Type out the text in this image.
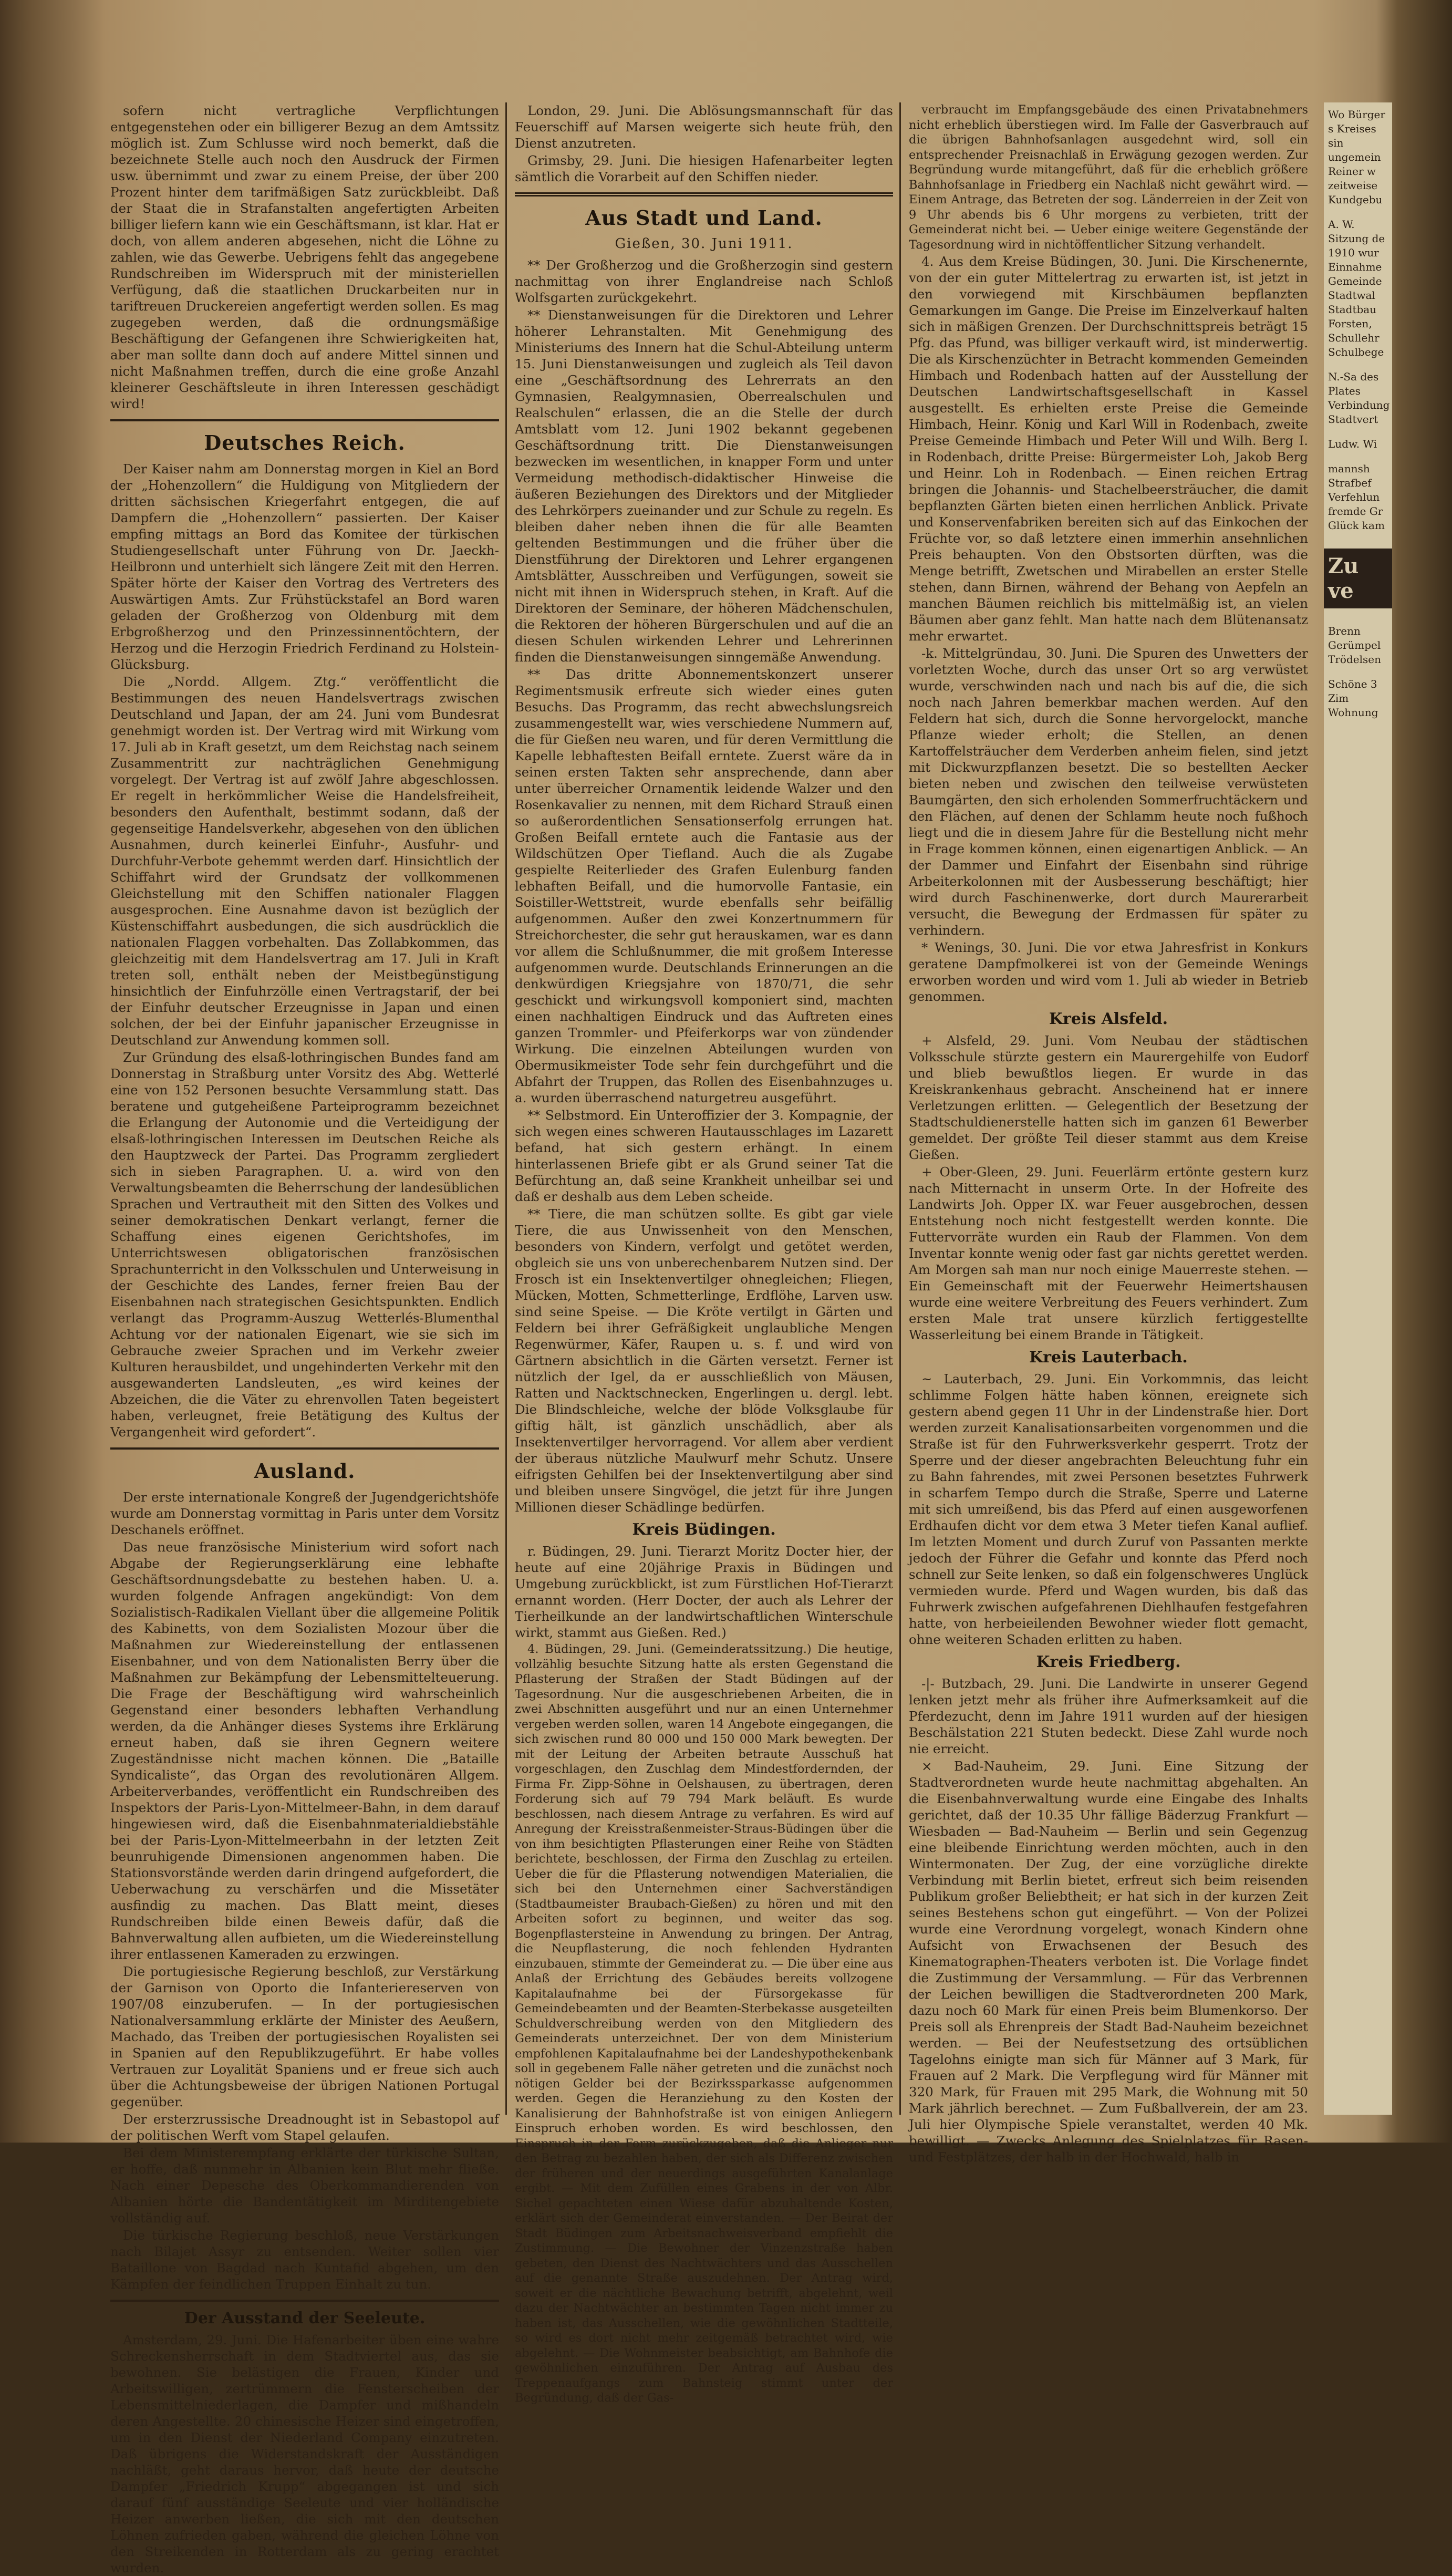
sofern nicht vertragliche Verpflichtungen entgegenstehen oder ein billigerer Bezug an dem Amtssitz möglich ist. Zum Schlusse wird noch bemerkt, daß die bezeichnete Stelle auch noch den Ausdruck der Firmen usw. übernimmt und zwar zu einem Preise, der über 200 Prozent hinter dem tarifmäßigen Satz zurückbleibt. Daß der Staat die in Strafanstalten angefertigten Arbeiten billiger liefern kann wie ein Geschäftsmann, ist klar. Hat er doch, von allem anderen abgesehen, nicht die Löhne zu zahlen, wie das Gewerbe. Uebrigens fehlt das angegebene Rundschreiben im Widerspruch mit der ministeriellen Verfügung, daß die staatlichen Druckarbeiten nur in tariftreuen Druckereien angefertigt werden sollen. Es mag zugegeben werden, daß die ordnungsmäßige Beschäftigung der Gefangenen ihre Schwierigkeiten hat, aber man sollte dann doch auf andere Mittel sinnen und nicht Maßnahmen treffen, durch die eine große Anzahl kleinerer Geschäftsleute in ihren Interessen geschädigt wird!

Deutsches Reich.

Der Kaiser nahm am Donnerstag morgen in Kiel an Bord der „Hohenzollern“ die Huldigung von Mitgliedern der dritten sächsischen Kriegerfahrt entgegen, die auf Dampfern die „Hohenzollern“ passierten. Der Kaiser empfing mittags an Bord das Komitee der türkischen Studiengesellschaft unter Führung von Dr. Jaeckh-Heilbronn und unterhielt sich längere Zeit mit den Herren. Später hörte der Kaiser den Vortrag des Vertreters des Auswärtigen Amts. Zur Frühstückstafel an Bord waren geladen der Großherzog von Oldenburg mit dem Erbgroßherzog und den Prinzessinnentöchtern, der Herzog und die Herzogin Friedrich Ferdinand zu Holstein-Glücksburg.

Die „Nordd. Allgem. Ztg.“ veröffentlicht die Bestimmungen des neuen Handelsvertrags zwischen Deutschland und Japan, der am 24. Juni vom Bundesrat genehmigt worden ist. Der Vertrag wird mit Wirkung vom 17. Juli ab in Kraft gesetzt, um dem Reichstag nach seinem Zusammentritt zur nachträglichen Genehmigung vorgelegt. Der Vertrag ist auf zwölf Jahre abgeschlossen. Er regelt in herkömmlicher Weise die Handelsfreiheit, besonders den Aufenthalt, bestimmt sodann, daß der gegenseitige Handelsverkehr, abgesehen von den üblichen Ausnahmen, durch keinerlei Einfuhr-, Ausfuhr- und Durchfuhr-Verbote gehemmt werden darf. Hinsichtlich der Schiffahrt wird der Grundsatz der vollkommenen Gleichstellung mit den Schiffen nationaler Flaggen ausgesprochen. Eine Ausnahme davon ist bezüglich der Küstenschiffahrt ausbedungen, die sich ausdrücklich die nationalen Flaggen vorbehalten. Das Zollabkommen, das gleichzeitig mit dem Handelsvertrag am 17. Juli in Kraft treten soll, enthält neben der Meistbegünstigung hinsichtlich der Einfuhrzölle einen Vertragstarif, der bei der Einfuhr deutscher Erzeugnisse in Japan und einen solchen, der bei der Einfuhr japanischer Erzeugnisse in Deutschland zur Anwendung kommen soll.

Zur Gründung des elsaß-lothringischen Bundes fand am Donnerstag in Straßburg unter Vorsitz des Abg. Wetterlé eine von 152 Personen besuchte Versammlung statt. Das beratene und gutgeheißene Parteiprogramm bezeichnet die Erlangung der Autonomie und die Verteidigung der elsaß-lothringischen Interessen im Deutschen Reiche als den Hauptzweck der Partei. Das Programm zergliedert sich in sieben Paragraphen. U. a. wird von den Verwaltungsbeamten die Beherrschung der landesüblichen Sprachen und Vertrautheit mit den Sitten des Volkes und seiner demokratischen Denkart verlangt, ferner die Schaffung eines eigenen Gerichtshofes, im Unterrichtswesen obligatorischen französischen Sprachunterricht in den Volksschulen und Unterweisung in der Geschichte des Landes, ferner freien Bau der Eisenbahnen nach strategischen Gesichtspunkten. Endlich verlangt das Programm-Auszug Wetterlés-Blumenthal Achtung vor der nationalen Eigenart, wie sie sich im Gebrauche zweier Sprachen und im Verkehr zweier Kulturen herausbildet, und ungehinderten Verkehr mit den ausgewanderten Landsleuten, „es wird keines der Abzeichen, die die Väter zu ehrenvollen Taten begeistert haben, verleugnet, freie Betätigung des Kultus der Vergangenheit wird gefordert“.

Ausland.

Der erste internationale Kongreß der Jugendgerichtshöfe wurde am Donnerstag vormittag in Paris unter dem Vorsitz Deschanels eröffnet.

Das neue französische Ministerium wird sofort nach Abgabe der Regierungserklärung eine lebhafte Geschäftsordnungsdebatte zu bestehen haben. U. a. wurden folgende Anfragen angekündigt: Von dem Sozialistisch-Radikalen Viellant über die allgemeine Politik des Kabinetts, von dem Sozialisten Mozour über die Maßnahmen zur Wiedereinstellung der entlassenen Eisenbahner, und von dem Nationalisten Berry über die Maßnahmen zur Bekämpfung der Lebensmittelteuerung. Die Frage der Beschäftigung wird wahrscheinlich Gegenstand einer besonders lebhaften Verhandlung werden, da die Anhänger dieses Systems ihre Erklärung erneut haben, daß sie ihren Gegnern weitere Zugeständnisse nicht machen können. Die „Bataille Syndicaliste“, das Organ des revolutionären Allgem. Arbeiterverbandes, veröffentlicht ein Rundschreiben des Inspektors der Paris-Lyon-Mittelmeer-Bahn, in dem darauf hingewiesen wird, daß die Eisenbahnmaterialdiebstähle bei der Paris-Lyon-Mittelmeerbahn in der letzten Zeit beunruhigende Dimensionen angenommen haben. Die Stationsvorstände werden darin dringend aufgefordert, die Ueberwachung zu verschärfen und die Missetäter ausfindig zu machen. Das Blatt meint, dieses Rundschreiben bilde einen Beweis dafür, daß die Bahnverwaltung allen aufbieten, um die Wiedereinstellung ihrer entlassenen Kameraden zu erzwingen.

Die portugiesische Regierung beschloß, zur Verstärkung der Garnison von Oporto die Infanteriereserven von 1907/08 einzuberufen. — In der portugiesischen Nationalversammlung erklärte der Minister des Aeußern, Machado, das Treiben der portugiesischen Royalisten sei in Spanien auf den Republikzugeführt. Er habe volles Vertrauen zur Loyalität Spaniens und er freue sich auch über die Achtungsbeweise der übrigen Nationen Portugal gegenüber.

Der ersterzrussische Dreadnought ist in Sebastopol auf der politischen Werft vom Stapel gelaufen.

Bei dem Ministerempfang erklärte der türkische Sultan, er hoffe, daß nunmehr in Albanien kein Blut mehr fließe. Nach einer Depesche des Oberkommandierenden von Albanien hörte die Bandentätigkeit im Mirditengebiete vollständig auf.

Die türkische Regierung beschloß, neue Verstärkungen nach Bilajet Assyr zu entsenden. Weiter sollen vier Bataillone von Bagdad nach Kuntafid abgehen, um den Kämpfen der feindlichen Truppen Einhalt zu tun.

Der Ausstand der Seeleute.

Amsterdam, 29. Juni. Die Hafenarbeiter üben eine wahre Schreckensherrschaft in dem Stadtviertel aus, das sie bewohnen. Sie belästigen die Frauen, Kinder und Arbeitswilligen, zertrümmern die Fensterscheiben der Lebensmittelniederlagen, die Dampfer und mißhandeln deren Angestellte. 20 chinesische Heizer sind eingetroffen, um in den Dienst der Niederland Company einzutreten. Daß übrigens die Widerstandskraft der Ausständigen nachläßt, geht daraus hervor, daß heute der deutsche Dampfer „Friedrich Krupp“ abgegangen ist und sich darauf fünf ausständige Seeleute und vier holländische Heizer anwerben ließen, die sich mit den deutschen Löhnen zufrieden gaben, während die gleichen Löhne von den Streikenden in Rotterdam als zu gering erachtet wurden.

London, 29. Juni. Die Ablösungsmannschaft für das Feuerschiff auf Marsen weigerte sich heute früh, den Dienst anzutreten.

Grimsby, 29. Juni. Die hiesigen Hafenarbeiter legten sämtlich die Vorarbeit auf den Schiffen nieder.

Aus Stadt und Land.
Gießen, 30. Juni 1911.

** Der Großherzog und die Großherzogin sind gestern nachmittag von ihrer Englandreise nach Schloß Wolfsgarten zurückgekehrt.

** Dienstanweisungen für die Direktoren und Lehrer höherer Lehranstalten. Mit Genehmigung des Ministeriums des Innern hat die Schul-Abteilung unterm 15. Juni Dienstanweisungen und zugleich als Teil davon eine „Geschäftsordnung des Lehrerrats an den Gymnasien, Realgymnasien, Oberrealschulen und Realschulen“ erlassen, die an die Stelle der durch Amtsblatt vom 12. Juni 1902 bekannt gegebenen Geschäftsordnung tritt. Die Dienstanweisungen bezwecken im wesentlichen, in knapper Form und unter Vermeidung methodisch-didaktischer Hinweise die äußeren Beziehungen des Direktors und der Mitglieder des Lehrkörpers zueinander und zur Schule zu regeln. Es bleiben daher neben ihnen die für alle Beamten geltenden Bestimmungen und die früher über die Dienstführung der Direktoren und Lehrer ergangenen Amtsblätter, Ausschreiben und Verfügungen, soweit sie nicht mit ihnen in Widerspruch stehen, in Kraft. Auf die Direktoren der Seminare, der höheren Mädchenschulen, die Rektoren der höheren Bürgerschulen und auf die an diesen Schulen wirkenden Lehrer und Lehrerinnen finden die Dienstanweisungen sinngemäße Anwendung.

** Das dritte Abonnementskonzert unserer Regimentsmusik erfreute sich wieder eines guten Besuchs. Das Programm, das recht abwechslungsreich zusammengestellt war, wies verschiedene Nummern auf, die für Gießen neu waren, und für deren Vermittlung die Kapelle lebhaftesten Beifall erntete. Zuerst wäre da in seinen ersten Takten sehr ansprechende, dann aber unter überreicher Ornamentik leidende Walzer und den Rosenkavalier zu nennen, mit dem Richard Strauß einen so außerordentlichen Sensationserfolg errungen hat. Großen Beifall erntete auch die Fantasie aus der Wildschützen Oper Tiefland. Auch die als Zugabe gespielte Reiterlieder des Grafen Eulenburg fanden lebhaften Beifall, und die humorvolle Fantasie, ein Soistiller-Wettstreit, wurde ebenfalls sehr beifällig aufgenommen. Außer den zwei Konzertnummern für Streichorchester, die sehr gut herauskamen, war es dann vor allem die Schlußnummer, die mit großem Interesse aufgenommen wurde. Deutschlands Erinnerungen an die denkwürdigen Kriegsjahre von 1870/71, die sehr geschickt und wirkungsvoll komponiert sind, machten einen nachhaltigen Eindruck und das Auftreten eines ganzen Trommler- und Pfeiferkorps war von zündender Wirkung. Die einzelnen Abteilungen wurden von Obermusikmeister Tode sehr fein durchgeführt und die Abfahrt der Truppen, das Rollen des Eisenbahnzuges u. a. wurden überraschend naturgetreu ausgeführt.

** Selbstmord. Ein Unteroffizier der 3. Kompagnie, der sich wegen eines schweren Hautausschlages im Lazarett befand, hat sich gestern erhängt. In einem hinterlassenen Briefe gibt er als Grund seiner Tat die Befürchtung an, daß seine Krankheit unheilbar sei und daß er deshalb aus dem Leben scheide.

** Tiere, die man schützen sollte. Es gibt gar viele Tiere, die aus Unwissenheit von den Menschen, besonders von Kindern, verfolgt und getötet werden, obgleich sie uns von unberechenbarem Nutzen sind. Der Frosch ist ein Insektenvertilger ohnegleichen; Fliegen, Mücken, Motten, Schmetterlinge, Erdflöhe, Larven usw. sind seine Speise. — Die Kröte vertilgt in Gärten und Feldern bei ihrer Gefräßigkeit unglaubliche Mengen Regenwürmer, Käfer, Raupen u. s. f. und wird von Gärtnern absichtlich in die Gärten versetzt. Ferner ist nützlich der Igel, da er ausschließlich von Mäusen, Ratten und Nacktschnecken, Engerlingen u. dergl. lebt. Die Blindschleiche, welche der blöde Volksglaube für giftig hält, ist gänzlich unschädlich, aber als Insektenvertilger hervorragend. Vor allem aber verdient der überaus nützliche Maulwurf mehr Schutz. Unsere eifrigsten Gehilfen bei der Insektenvertilgung aber sind und bleiben unsere Singvögel, die jetzt für ihre Jungen Millionen dieser Schädlinge bedürfen.

Kreis Büdingen.

r. Büdingen, 29. Juni. Tierarzt Moritz Docter hier, der heute auf eine 20jährige Praxis in Büdingen und Umgebung zurückblickt, ist zum Fürstlichen Hof-Tierarzt ernannt worden. (Herr Docter, der auch als Lehrer der Tierheilkunde an der landwirtschaftlichen Winterschule wirkt, stammt aus Gießen. Red.)

4. Büdingen, 29. Juni. (Gemeinderatssitzung.) Die heutige, vollzählig besuchte Sitzung hatte als ersten Gegenstand die Pflasterung der Straßen der Stadt Büdingen auf der Tagesordnung. Nur die ausgeschriebenen Arbeiten, die in zwei Abschnitten ausgeführt und nur an einen Unternehmer vergeben werden sollen, waren 14 Angebote eingegangen, die sich zwischen rund 80 000 und 150 000 Mark bewegten. Der mit der Leitung der Arbeiten betraute Ausschuß hat vorgeschlagen, den Zuschlag dem Mindestfordernden, der Firma Fr. Zipp-Söhne in Oelshausen, zu übertragen, deren Forderung sich auf 79 794 Mark beläuft. Es wurde beschlossen, nach diesem Antrage zu verfahren. Es wird auf Anregung der Kreisstraßenmeister-Straus-Büdingen über die von ihm besichtigten Pflasterungen einer Reihe von Städten berichtete, beschlossen, der Firma den Zuschlag zu erteilen. Ueber die für die Pflasterung notwendigen Materialien, die sich bei den Unternehmen einer Sachverständigen (Stadtbaumeister Braubach-Gießen) zu hören und mit den Arbeiten sofort zu beginnen, und weiter das sog. Bogenpflastersteine in Anwendung zu bringen. Der Antrag, die Neupflasterung, die noch fehlenden Hydranten einzubauen, stimmte der Gemeinderat zu. — Die über eine aus Anlaß der Errichtung des Gebäudes bereits vollzogene Kapitalaufnahme bei der Fürsorgekasse für Gemeindebeamten und der Beamten-Sterbekasse ausgeteilten Schuldverschreibung werden von den Mitgliedern des Gemeinderats unterzeichnet. Der von dem Ministerium empfohlenen Kapitalaufnahme bei der Landeshypothekenbank soll in gegebenem Falle näher getreten und die zunächst noch nötigen Gelder bei der Bezirkssparkasse aufgenommen werden. Gegen die Heranziehung zu den Kosten der Kanalisierung der Bahnhofstraße ist von einigen Anliegern Einspruch erhoben worden. Es wird beschlossen, den Einspruch in der Form zurückzugeben, daß die Anlieger nur den Betrag zu bezahlen haben, der sich als Differenz zwischen der früheren und der neuerdings ausgeführten Kanalanlage ergibt. — Mit dem Zufüllen eines Grabens in der von Albr. Sichel gepachteten einen Wiese dafür abzuhaltende Kosten, erklärt sich der Gemeinderat einverstanden. — Der Beirat der Stadt Büdingen zum Arbeitsnachweisverband empfiehlt die Zustimmung. — Die Bewohner der Vinzenzstraße haben gebeten, den Dienst des Nachtwächters und das Ausschellen auf die genannte Straße auszudehnen. Der Antrag wird, soweit er die nächtliche Bewachung betrifft, abgelehnt, weil dazu der Nachtwächter an bestimmten Tagen nicht immer zu haben ist, das Ausschellen, wie die gewöhnlichen Stadtteile, so wird es dort nicht mehr zeitgemäß betrachtet wird, wie abgelehnt. — Die Wohnmeister beabsichtigt, am Bahnhofe die gewöhnlichen einzuführen. Der Antrag auf Ausbau des Treppenaufgangs zum Bahnsteig stimmt unter der Begründung, daß der Gas-

verbraucht im Empfangsgebäude des einen Privatabnehmers nicht erheblich überstiegen wird. Im Falle der Gasverbrauch auf die übrigen Bahnhofsanlagen ausgedehnt wird, soll ein entsprechender Preisnachlaß in Erwägung gezogen werden. Zur Begründung wurde mitangeführt, daß für die erheblich größere Bahnhofsanlage in Friedberg ein Nachlaß nicht gewährt wird. — Einem Antrage, das Betreten der sog. Länderreien in der Zeit von 9 Uhr abends bis 6 Uhr morgens zu verbieten, tritt der Gemeinderat nicht bei. — Ueber einige weitere Gegenstände der Tagesordnung wird in nichtöffentlicher Sitzung verhandelt.

4. Aus dem Kreise Büdingen, 30. Juni. Die Kirschenernte, von der ein guter Mittelertrag zu erwarten ist, ist jetzt in den vorwiegend mit Kirschbäumen bepflanzten Gemarkungen im Gange. Die Preise im Einzelverkauf halten sich in mäßigen Grenzen. Der Durchschnittspreis beträgt 15 Pfg. das Pfund, was billiger verkauft wird, ist minderwertig. Die als Kirschenzüchter in Betracht kommenden Gemeinden Himbach und Rodenbach hatten auf der Ausstellung der Deutschen Landwirtschaftsgesellschaft in Kassel ausgestellt. Es erhielten erste Preise die Gemeinde Himbach, Heinr. König und Karl Will in Rodenbach, zweite Preise Gemeinde Himbach und Peter Will und Wilh. Berg I. in Rodenbach, dritte Preise: Bürgermeister Loh, Jakob Berg und Heinr. Loh in Rodenbach. — Einen reichen Ertrag bringen die Johannis- und Stachelbeersträucher, die damit bepflanzten Gärten bieten einen herrlichen Anblick. Private und Konservenfabriken bereiten sich auf das Einkochen der Früchte vor, so daß letztere einen immerhin ansehnlichen Preis behaupten. Von den Obstsorten dürften, was die Menge betrifft, Zwetschen und Mirabellen an erster Stelle stehen, dann Birnen, während der Behang von Aepfeln an manchen Bäumen reichlich bis mittelmäßig ist, an vielen Bäumen aber ganz fehlt. Man hatte nach dem Blütenansatz mehr erwartet.

-k. Mittelgründau, 30. Juni. Die Spuren des Unwetters der vorletzten Woche, durch das unser Ort so arg verwüstet wurde, verschwinden nach und nach bis auf die, die sich noch nach Jahren bemerkbar machen werden. Auf den Feldern hat sich, durch die Sonne hervorgelockt, manche Pflanze wieder erholt; die Stellen, an denen Kartoffelsträucher dem Verderben anheim fielen, sind jetzt mit Dickwurzpflanzen besetzt. Die so bestellten Aecker bieten neben und zwischen den teilweise verwüsteten Baumgärten, den sich erholenden Sommerfruchtäckern und den Flächen, auf denen der Schlamm heute noch fußhoch liegt und die in diesem Jahre für die Bestellung nicht mehr in Frage kommen können, einen eigenartigen Anblick. — An der Dammer und Einfahrt der Eisenbahn sind rührige Arbeiterkolonnen mit der Ausbesserung beschäftigt; hier wird durch Faschinenwerke, dort durch Maurerarbeit versucht, die Bewegung der Erdmassen für später zu verhindern.

* Wenings, 30. Juni. Die vor etwa Jahresfrist in Konkurs geratene Dampfmolkerei ist von der Gemeinde Wenings erworben worden und wird vom 1. Juli ab wieder in Betrieb genommen.

Kreis Alsfeld.

+ Alsfeld, 29. Juni. Vom Neubau der städtischen Volksschule stürzte gestern ein Maurergehilfe von Eudorf und blieb bewußtlos liegen. Er wurde in das Kreiskrankenhaus gebracht. Anscheinend hat er innere Verletzungen erlitten. — Gelegentlich der Besetzung der Stadtschuldienerstelle hatten sich im ganzen 61 Bewerber gemeldet. Der größte Teil dieser stammt aus dem Kreise Gießen.

+ Ober-Gleen, 29. Juni. Feuerlärm ertönte gestern kurz nach Mitternacht in unserm Orte. In der Hofreite des Landwirts Joh. Opper IX. war Feuer ausgebrochen, dessen Entstehung noch nicht festgestellt werden konnte. Die Futtervorräte wurden ein Raub der Flammen. Von dem Inventar konnte wenig oder fast gar nichts gerettet werden. Am Morgen sah man nur noch einige Mauerreste stehen. — Ein Gemeinschaft mit der Feuerwehr Heimertshausen wurde eine weitere Verbreitung des Feuers verhindert. Zum ersten Male trat unsere kürzlich fertiggestellte Wasserleitung bei einem Brande in Tätigkeit.

Kreis Lauterbach.

~ Lauterbach, 29. Juni. Ein Vorkommnis, das leicht schlimme Folgen hätte haben können, ereignete sich gestern abend gegen 11 Uhr in der Lindenstraße hier. Dort werden zurzeit Kanalisationsarbeiten vorgenommen und die Straße ist für den Fuhrwerksverkehr gesperrt. Trotz der Sperre und der dieser angebrachten Beleuchtung fuhr ein zu Bahn fahrendes, mit zwei Personen besetztes Fuhrwerk in scharfem Tempo durch die Straße, Sperre und Laterne mit sich umreißend, bis das Pferd auf einen ausgeworfenen Erdhaufen dicht vor dem etwa 3 Meter tiefen Kanal auflief. Im letzten Moment und durch Zuruf von Passanten merkte jedoch der Führer die Gefahr und konnte das Pferd noch schnell zur Seite lenken, so daß ein folgenschweres Unglück vermieden wurde. Pferd und Wagen wurden, bis daß das Fuhrwerk zwischen aufgefahrenen Diehlhaufen festgefahren hatte, von herbeieilenden Bewohner wieder flott gemacht, ohne weiteren Schaden erlitten zu haben.

Kreis Friedberg.

-|- Butzbach, 29. Juni. Die Landwirte in unserer Gegend lenken jetzt mehr als früher ihre Aufmerksamkeit auf die Pferdezucht, denn im Jahre 1911 wurden auf der hiesigen Beschälstation 221 Stuten bedeckt. Diese Zahl wurde noch nie erreicht.

× Bad-Nauheim, 29. Juni. Eine Sitzung der Stadtverordneten wurde heute nachmittag abgehalten. An die Eisenbahnverwaltung wurde eine Eingabe des Inhalts gerichtet, daß der 10.35 Uhr fällige Bäderzug Frankfurt — Wiesbaden — Bad-Nauheim — Berlin und sein Gegenzug eine bleibende Einrichtung werden möchten, auch in den Wintermonaten. Der Zug, der eine vorzügliche direkte Verbindung mit Berlin bietet, erfreut sich beim reisenden Publikum großer Beliebtheit; er hat sich in der kurzen Zeit seines Bestehens schon gut eingeführt. — Von der Polizei wurde eine Verordnung vorgelegt, wonach Kindern ohne Aufsicht von Erwachsenen der Besuch des Kinematographen-Theaters verboten ist. Die Vorlage findet die Zustimmung der Versammlung. — Für das Verbrennen der Leichen bewilligen die Stadtverordneten 200 Mark, dazu noch 60 Mark für einen Preis beim Blumenkorso. Der Preis soll als Ehrenpreis der Stadt Bad-Nauheim bezeichnet werden. — Bei der Neufestsetzung des ortsüblichen Tagelohns einigte man sich für Männer auf 3 Mark, für Frauen auf 2 Mark. Die Verpflegung wird für Männer mit 320 Mark, für Frauen mit 295 Mark, die Wohnung mit 50 Mark jährlich berechnet. — Zum Fußballverein, der am 23. Juli hier Olympische Spiele veranstaltet, werden 40 Mk. bewilligt. — Zwecks Anlegung des Spielplatzes für Rasen- und Festplätzes, der halb in der Hochwald, halb in

Wo Bürger s Kreises sin ungemein Reiner w zeitweise Kundgebu
A. W. Sitzung de 1910 wur Einnahme Gemeinde Stadtwal Stadtbau Forsten, Schullehr Schulbege
N.-Sa des Plates Verbindung Stadtvert
Ludw. Wi
mannsh Strafbef Verfehlun fremde Gr Glück kam
Zu ve
Brenn Gerümpel Trödelsen
Schöne 3 Zim Wohnung
